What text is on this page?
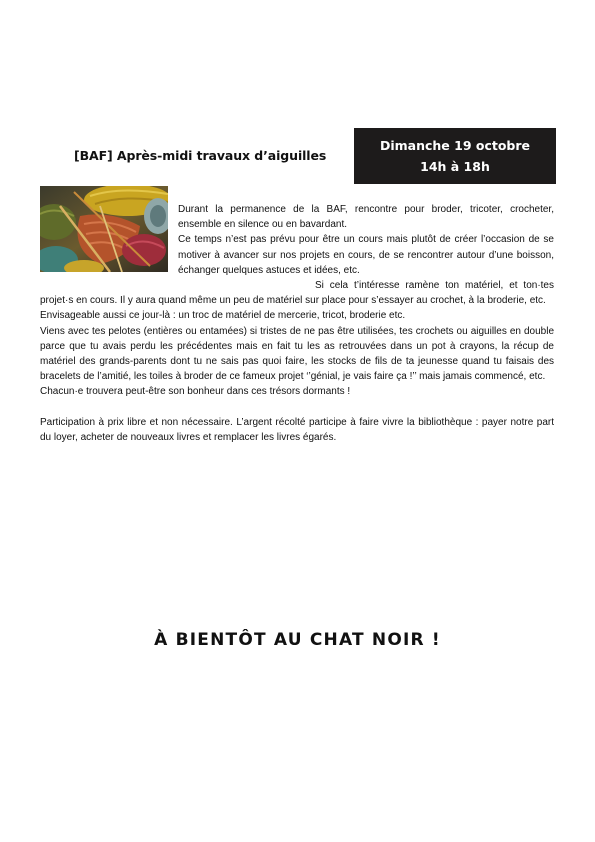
[BAF] Après-midi travaux d’aiguilles
Dimanche 19 octobre
14h à 18h

Durant la permanence de la BAF, rencontre pour broder, tricoter, crocheter, ensemble en silence ou en bavardant.

Ce temps n’est pas prévu pour être un cours mais plutôt de créer l’occasion de se motiver à avancer sur nos projets en cours, de se rencontrer autour d’une boisson, échanger quelques astuces et idées, etc.

Si cela t’intéresse ramène ton matériel, et ton·tes projet·s en cours. Il y aura quand même un peu de matériel sur place pour s’essayer au crochet, à la broderie, etc.

Envisageable aussi ce jour-là : un troc de matériel de mercerie, tricot, broderie etc.

Viens avec tes pelotes (entières ou entamées) si tristes de ne pas être utilisées, tes crochets ou aiguilles en double parce que tu avais perdu les précédentes mais en fait tu les as retrouvées dans un pot à crayons, la récup de matériel des grands-parents dont tu ne sais pas quoi faire, les stocks de fils de ta jeunesse quand tu faisais des bracelets de l’amitié, les toiles à broder de ce fameux projet ‘’génial, je vais faire ça !’’ mais jamais commencé, etc.

Chacun·e trouvera peut-être son bonheur dans ces trésors dormants !

Participation à prix libre et non nécessaire. L’argent récolté participe à faire vivre la bibliothèque : payer notre part du loyer, acheter de nouveaux livres et remplacer les livres égarés.

À BIENTÔT AU CHAT NOIR !
